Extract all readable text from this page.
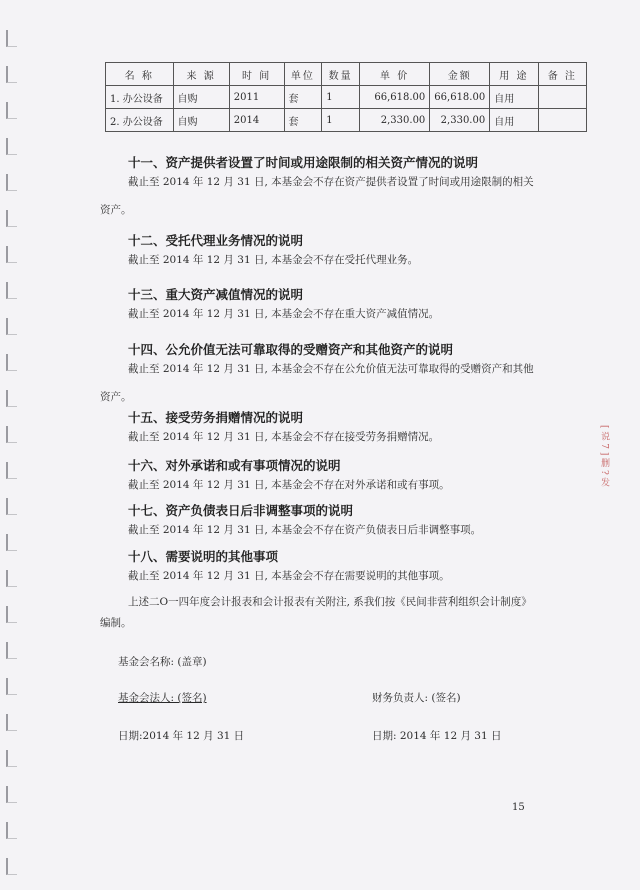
名 称	来 源	时 间	单位	数量	单 价	金额	用 途	备 注
1. 办公设备	自购	2011	套	1	66,618.00	66,618.00	自用	
2. 办公设备	自购	2014	套	1	2,330.00	2,330.00	自用	
十一、资产提供者设置了时间或用途限制的相关资产情况的说明
截止至 2014 年 12 月 31 日, 本基金会不存在资产提供者设置了时间或用途限制的相关
资产。
十二、受托代理业务情况的说明
截止至 2014 年 12 月 31 日, 本基金会不存在受托代理业务。
十三、重大资产减值情况的说明
截止至 2014 年 12 月 31 日, 本基金会不存在重大资产减值情况。
十四、公允价值无法可靠取得的受赠资产和其他资产的说明
截止至 2014 年 12 月 31 日, 本基金会不存在公允价值无法可靠取得的受赠资产和其他
资产。
十五、接受劳务捐赠情况的说明
截止至 2014 年 12 月 31 日, 本基金会不存在接受劳务捐赠情况。
十六、对外承诺和或有事项情况的说明
截止至 2014 年 12 月 31 日, 本基金会不存在对外承诺和或有事项。
十七、资产负债表日后非调整事项的说明
截止至 2014 年 12 月 31 日, 本基金会不存在资产负债表日后非调整事项。
十八、需要说明的其他事项
截止至 2014 年 12 月 31 日, 本基金会不存在需要说明的其他事项。
上述二O一四年度会计报表和会计报表有关附注, 系我们按《民间非营利组织会计制度》
编制。
基金会名称: (盖章)
基金会法人: (签名)	财务负责人: (签名)
日期:2014 年 12 月 31 日	日期: 2014 年 12 月 31 日
15
[ 说 7 ] 删 ? 发
